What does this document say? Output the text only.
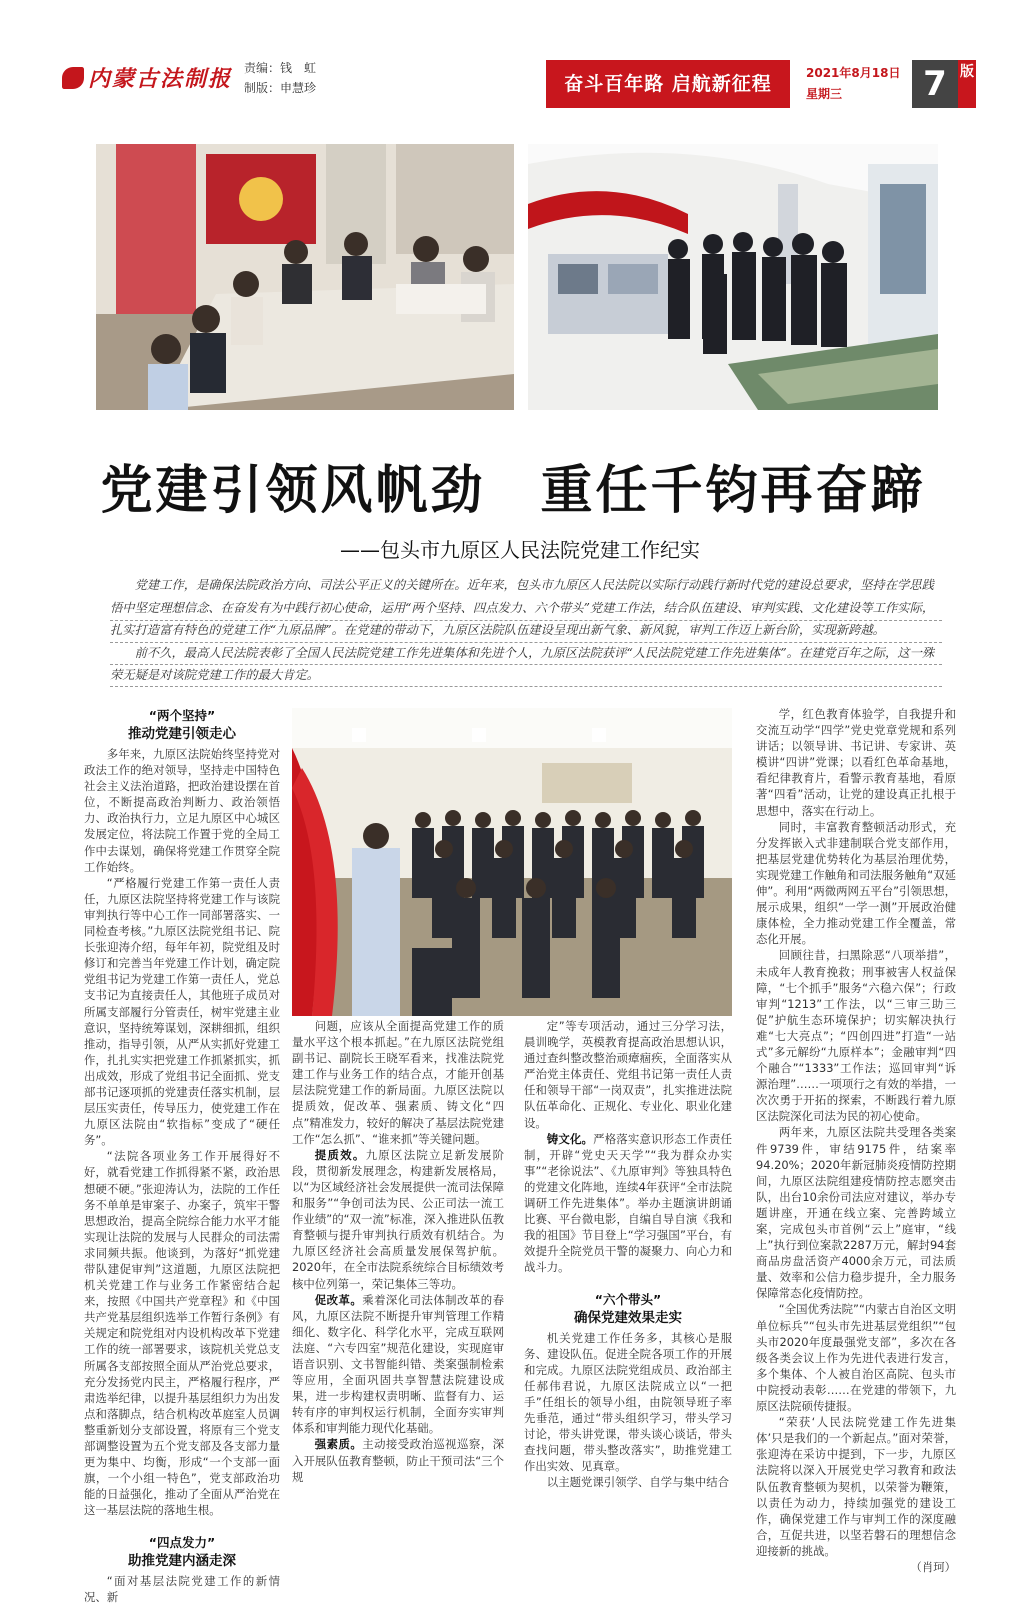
内蒙古法制报 责编：钱　虹
制版：申慧珍	奋斗百年路 启航新征程	2021年8月18日
星期三	7 版
党建引领风帆劲　重任千钧再奋蹄
——包头市九原区人民法院党建工作纪实

党建工作，是确保法院政治方向、司法公平正义的关键所在。近年来，包头市九原区人民法院以实际行动践行新时代党的建设总要求，坚持在学思践悟中坚定理想信念、在奋发有为中践行初心使命，运用“两个坚持、四点发力、六个带头”党建工作法，结合队伍建设、审判实践、文化建设等工作实际，扎实打造富有特色的党建工作“九原品牌”。在党建的带动下，九原区法院队伍建设呈现出新气象、新风貌，审判工作迈上新台阶，实现新跨越。

前不久，最高人民法院表彰了全国人民法院党建工作先进集体和先进个人，九原区法院获评“人民法院党建工作先进集体”。在建党百年之际，这一殊荣无疑是对该院党建工作的最大肯定。

“两个坚持”

推动党建引领走心

多年来，九原区法院始终坚持党对政法工作的绝对领导，坚持走中国特色社会主义法治道路，把政治建设摆在首位，不断提高政治判断力、政治领悟力、政治执行力，立足九原区中心城区发展定位，将法院工作置于党的全局工作中去谋划，确保将党建工作贯穿全院工作始终。

“严格履行党建工作第一责任人责任，九原区法院坚持将党建工作与该院审判执行等中心工作一同部署落实、一同检查考核。”九原区法院党组书记、院长张迎涛介绍，每年年初，院党组及时修订和完善当年党建工作计划，确定院党组书记为党建工作第一责任人，党总支书记为直接责任人，其他班子成员对所属支部履行分管责任，树牢党建主业意识，坚持统筹谋划，深耕细抓，组织推动，指导引领，从严从实抓好党建工作，扎扎实实把党建工作抓紧抓实，抓出成效，形成了党组书记全面抓、党支部书记逐项抓的党建责任落实机制，层层压实责任，传导压力，使党建工作在九原区法院由“软指标”变成了“硬任务”。

“法院各项业务工作开展得好不好，就看党建工作抓得紧不紧，政治思想硬不硬。”张迎涛认为，法院的工作任务不单单是审案子、办案子，筑牢干警思想政治，提高全院综合能力水平才能实现让法院的发展与人民群众的司法需求同频共振。他谈到，为落好“抓党建带队建促审判”这道题，九原区法院把机关党建工作与业务工作紧密结合起来，按照《中国共产党章程》和《中国共产党基层组织选举工作暂行条例》有关规定和院党组对内设机构改革下党建工作的统一部署要求，该院机关党总支所属各支部按照全面从严治党总要求，充分发扬党内民主，严格履行程序，严肃选举纪律，以提升基层组织力为出发点和落脚点，结合机构改革庭室人员调整重新划分支部设置，将原有三个党支部调整设置为五个党支部及各支部力量更为集中、均衡，形成“一个支部一面旗，一个小组一特色”，党支部政治功能的日益强化，推动了全面从严治党在这一基层法院的落地生根。

“四点发力”

助推党建内涵走深

“面对基层法院党建工作的新情况、新

问题，应该从全面提高党建工作的质量水平这个根本抓起。”在九原区法院党组副书记、副院长王晓军看来，找准法院党建工作与业务工作的结合点，才能开创基层法院党建工作的新局面。九原区法院以提质效，促改革、强素质、铸文化“四点”精准发力，较好的解决了基层法院党建工作“怎么抓”、“谁来抓”等关键问题。

提质效。九原区法院立足新发展阶段，贯彻新发展理念，构建新发展格局，以“为区域经济社会发展提供一流司法保障和服务”“争创司法为民、公正司法一流工作业绩”的“双一流”标准，深入推进队伍教育整顿与提升审判执行质效有机结合。为九原区经济社会高质量发展保驾护航。2020年，在全市法院系统综合目标绩效考核中位列第一，荣记集体三等功。

促改革。乘着深化司法体制改革的春风，九原区法院不断提升审判管理工作精细化、数字化、科学化水平，完成互联网法庭、“六专四室”规范化建设，实现庭审语音识别、文书智能纠错、类案强制检索等应用，全面巩固共享智慧法院建设成果，进一步构建权责明晰、监督有力、运转有序的审判权运行机制，全面夯实审判体系和审判能力现代化基础。

强素质。主动接受政治巡视巡察，深入开展队伍教育整顿，防止干预司法“三个规

定”等专项活动，通过三分学习法，晨训晚学，英模教育提高政治思想认识，通过查纠整改整治顽瘴痼疾，全面落实从严治党主体责任、党组书记第一责任人责任和领导干部“一岗双责”，扎实推进法院队伍革命化、正规化、专业化、职业化建设。

铸文化。严格落实意识形态工作责任制，开辟“党史天天学”“我为群众办实事”“老徐说法”、《九原审判》等独具特色的党建文化阵地，连续4年获评“全市法院调研工作先进集体”。举办主题演讲朗诵比赛、平台微电影，自编自导自演《我和我的祖国》节目登上“学习强国”平台，有效提升全院党员干警的凝聚力、向心力和战斗力。

“六个带头”

确保党建效果走实

机关党建工作任务多，其核心是服务、建设队伍。促进全院各项工作的开展和完成。九原区法院党组成员、政治部主任郝伟君说，九原区法院成立以“一把手”任组长的领导小组，由院领导班子率先垂范，通过“带头组织学习，带头学习讨论，带头讲党课，带头谈心谈话，带头查找问题，带头整改落实”，助推党建工作出实效、见真章。

以主题党课引领学、自学与集中结合

学，红色教育体验学，自我提升和交流互动学“四学”党史党章党规和系列讲话；以领导讲、书记讲、专家讲、英模讲“四讲”党课；以看红色革命基地，看纪律教育片，看警示教育基地，看原著“四看”活动，让党的建设真正扎根于思想中，落实在行动上。

同时，丰富教育整顿活动形式，充分发挥嵌入式非建制联合党支部作用，把基层党建优势转化为基层治理优势，实现党建工作触角和司法服务触角“双延伸”。利用“两微两网五平台”引领思想，展示成果，组织“一学一测”开展政治健康体检，全力推动党建工作全覆盖，常态化开展。

回顾往昔，扫黑除恶“八项举措”，未成年人教育挽救；刑事被害人权益保障，“七个抓手”服务“六稳六保”；行政审判“1213”工作法，以“三审三助三促”护航生态环境保护；切实解决执行难“七大亮点”；“四创四进”打造“一站式”多元解纷“九原样本”；金融审判“四个融合”“1333”工作法；巡回审判“诉源治理”……一项项行之有效的举措，一次次勇于开拓的探索，不断践行着九原区法院深化司法为民的初心使命。

两年来，九原区法院共受理各类案件9739件，审结9175件，结案率94.20%；2020年新冠肺炎疫情防控期间，九原区法院组建疫情防控志愿突击队，出台10余份司法应对建议，举办专题讲座，开通在线立案、完善跨域立案，完成包头市首例“云上”庭审，“线上”执行到位案款2287万元，解封94套商品房盘活资产4000余万元，司法质量、效率和公信力稳步提升，全力服务保障常态化疫情防控。

“全国优秀法院”“内蒙古自治区文明单位标兵”“包头市先进基层党组织”“包头市2020年度最强党支部”，多次在各级各类会议上作为先进代表进行发言，多个集体、个人被自治区高院、包头市中院授动表彰……在党建的带领下，九原区法院硕传捷报。

“荣获‘人民法院党建工作先进集体’只是我们的一个新起点。”面对荣誉，张迎涛在采访中提到，下一步，九原区法院将以深入开展党史学习教育和政法队伍教育整顿为契机，以荣誉为鞭策，以责任为动力，持续加强党的建设工作，确保党建工作与审判工作的深度融合，互促共进，以坚若磐石的理想信念迎接新的挑战。

（肖珂）
